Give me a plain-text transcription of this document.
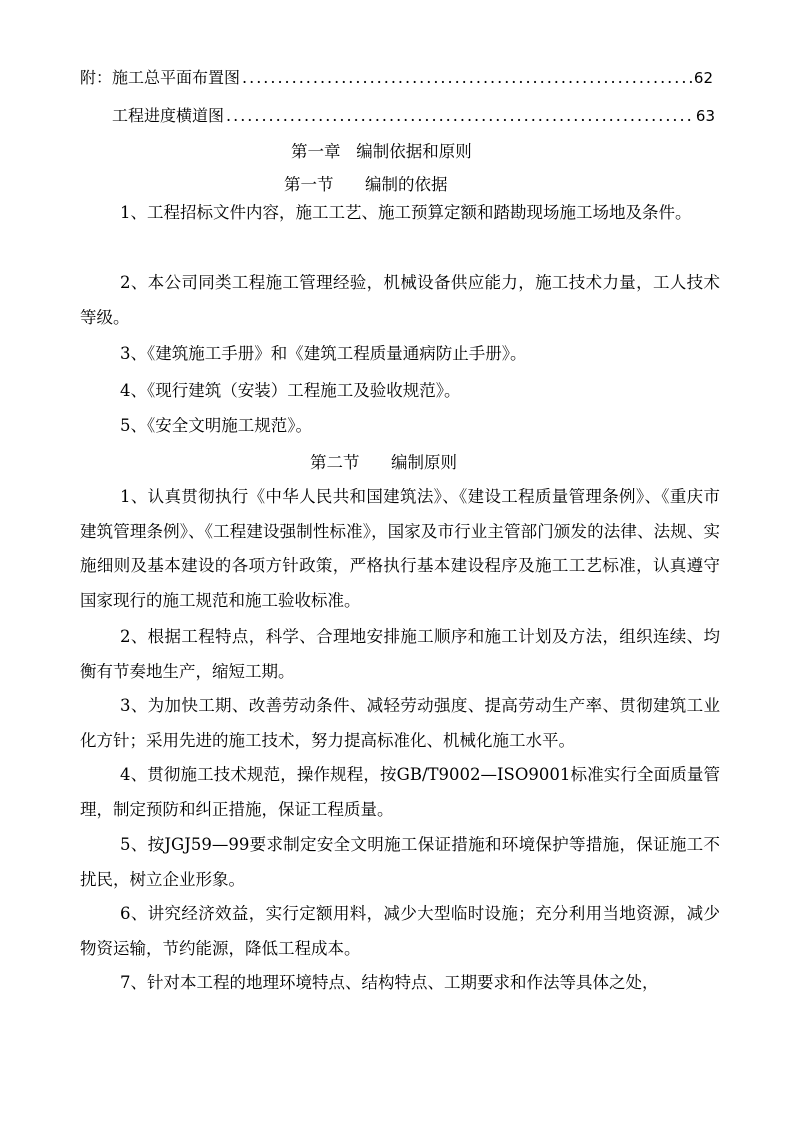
附：施工总平面布置图 .....	62
工程进度横道图 .....	63
第一章   编制依据和原则
第一节      编制的依据

1、工程招标文件内容，施工工艺、施工预算定额和踏勘现场施工场地及条件。

2、本公司同类工程施工管理经验，机械设备供应能力，施工技术力量，工人技术等级。

3、《建筑施工手册》和《建筑工程质量通病防止手册》。

4、《现行建筑（安装）工程施工及验收规范》。

5、《安全文明施工规范》。

第二节      编制原则

1、认真贯彻执行《中华人民共和国建筑法》、《建设工程质量管理条例》、《重庆市建筑管理条例》、《工程建设强制性标准》，国家及市行业主管部门颁发的法律、法规、实施细则及基本建设的各项方针政策，严格执行基本建设程序及施工工艺标准，认真遵守国家现行的施工规范和施工验收标准。

2、根据工程特点，科学、合理地安排施工顺序和施工计划及方法，组织连续、均衡有节奏地生产，缩短工期。

3、为加快工期、改善劳动条件、减轻劳动强度、提高劳动生产率、贯彻建筑工业化方针；采用先进的施工技术，努力提高标准化、机械化施工水平。

4、贯彻施工技术规范，操作规程，按GB/T9002—ISO9001标准实行全面质量管理，制定预防和纠正措施，保证工程质量。

5、按JGJ59—99要求制定安全文明施工保证措施和环境保护等措施，保证施工不扰民，树立企业形象。

6、讲究经济效益，实行定额用料，减少大型临时设施；充分利用当地资源，减少物资运输，节约能源，降低工程成本。

7、针对本工程的地理环境特点、结构特点、工期要求和作法等具体之处，
